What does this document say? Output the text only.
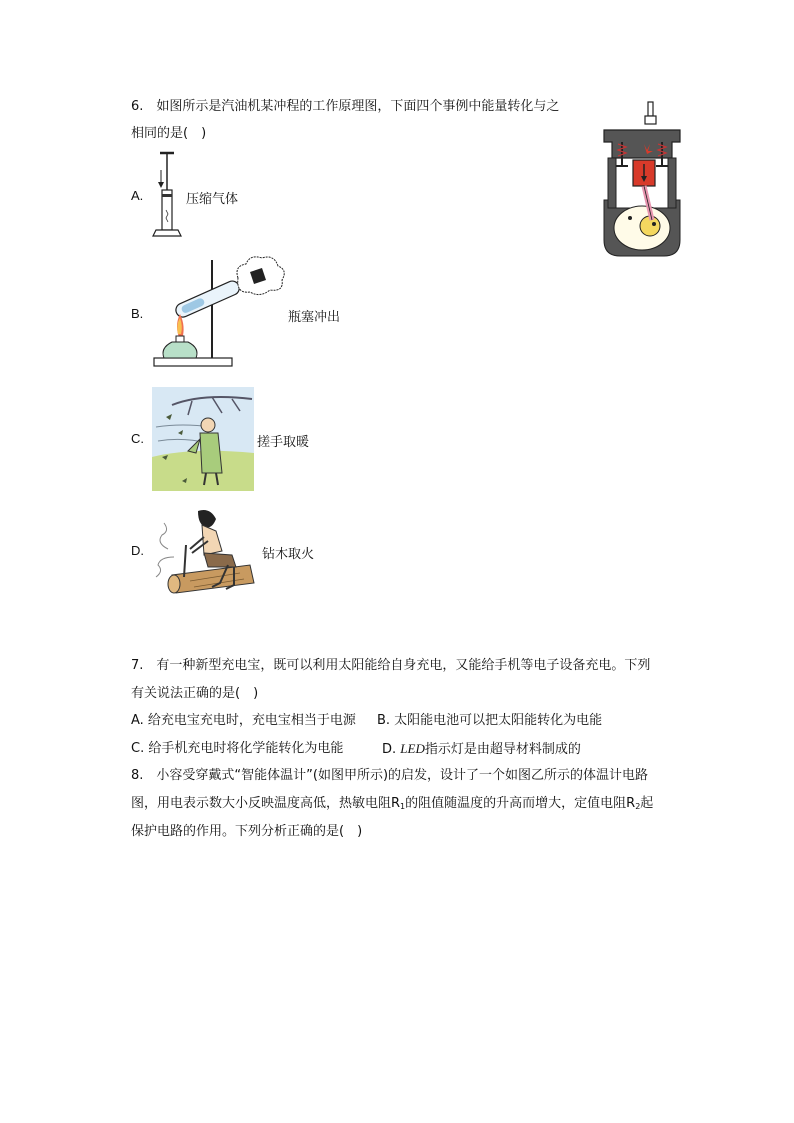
6.　如图所示是汽油机某冲程的工作原理图，下面四个事例中能量转化与之
相同的是(　)
A.	压缩气体
B.	瓶塞冲出
C.	搓手取暖
D.	钻木取火
7.　有一种新型充电宝，既可以利用太阳能给自身充电，又能给手机等电子设备充电。下列
有关说法正确的是(　)
A. 给充电宝充电时，充电宝相当于电源 B. 太阳能电池可以把太阳能转化为电能
C. 给手机充电时将化学能转化为电能	D. LED指示灯是由超导材料制成的
8.　小容受穿戴式“智能体温计”(如图甲所示)的启发，设计了一个如图乙所示的体温计电路
图，用电表示数大小反映温度高低，热敏电阻$R_1$的阻值随温度的升高而增大，定值电阻$R_2$起
保护电路的作用。下列分析正确的是(　)
